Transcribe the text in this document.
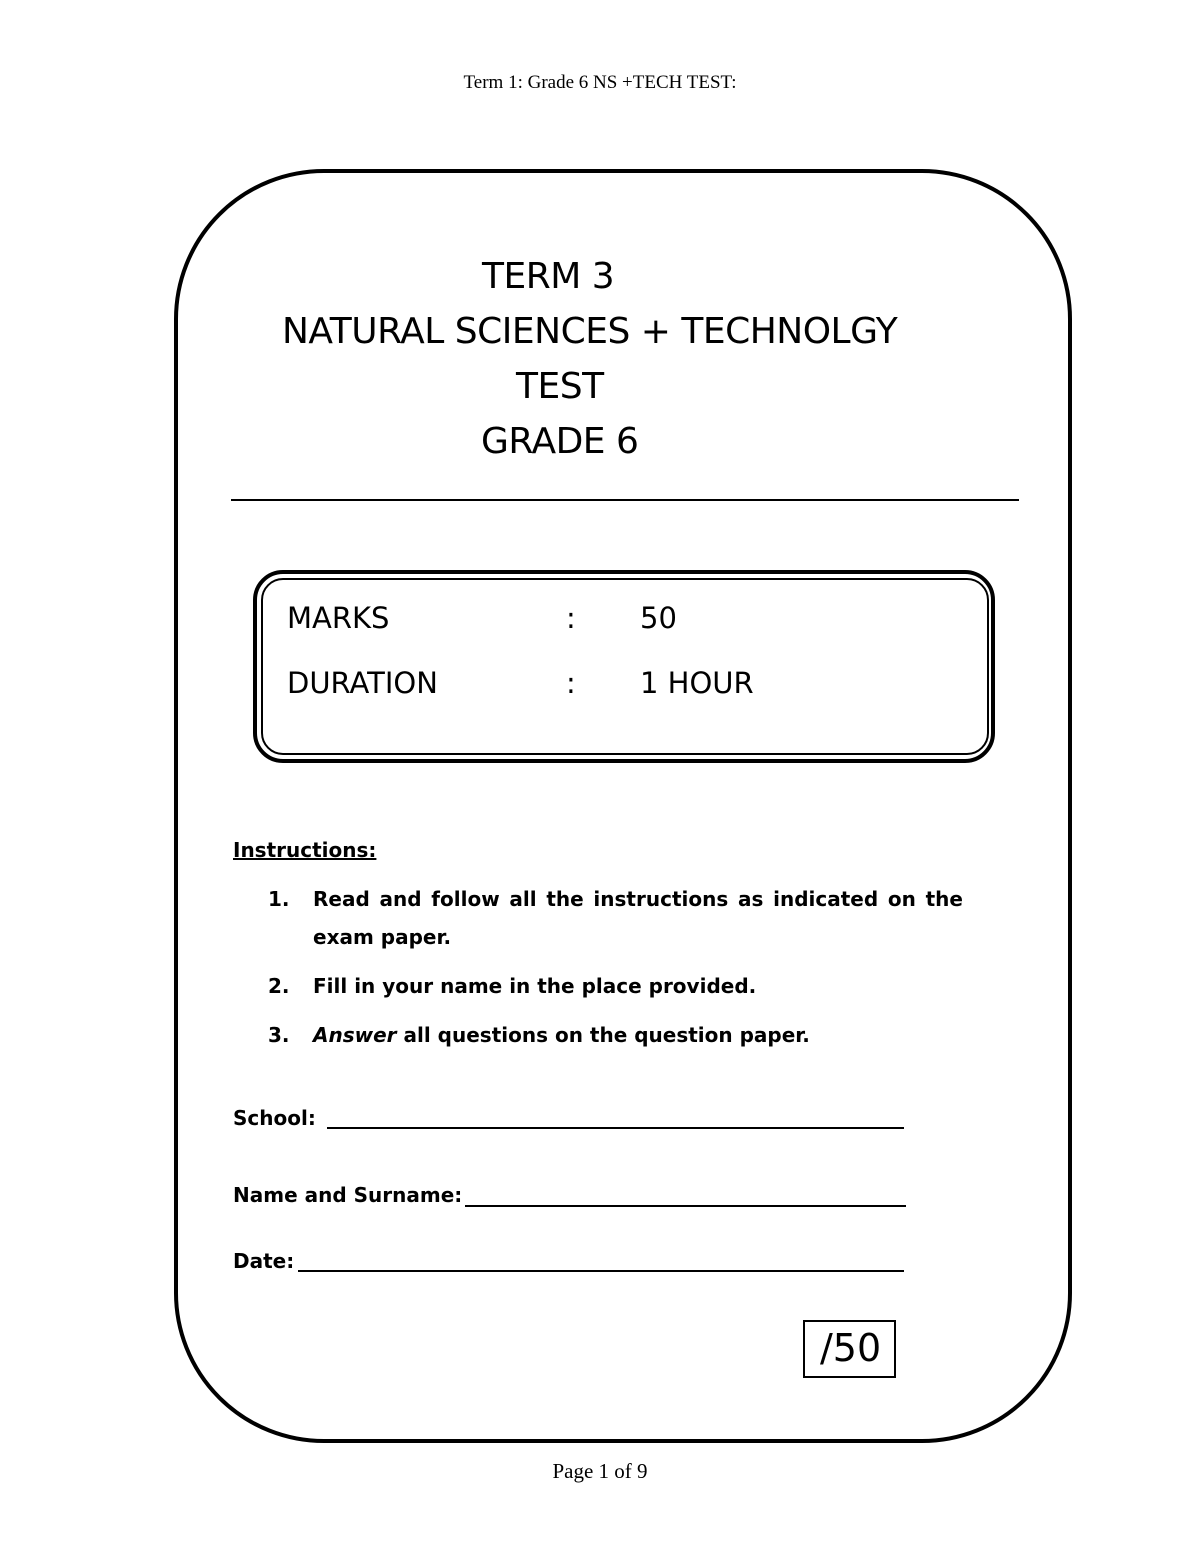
Term 1: Grade 6 NS +TECH TEST:
TERM 3
NATURAL SCIENCES + TECHNOLGY
TEST
GRADE 6
MARKS	: 50
DURATION	: 1 HOUR
Instructions:
1. Read and follow all the instructions as indicated on the exam paper.
2. Fill in your name in the place provided.
3. Answer all questions on the question paper.
School:
Name and Surname:
Date:
/50
Page 1 of 9
